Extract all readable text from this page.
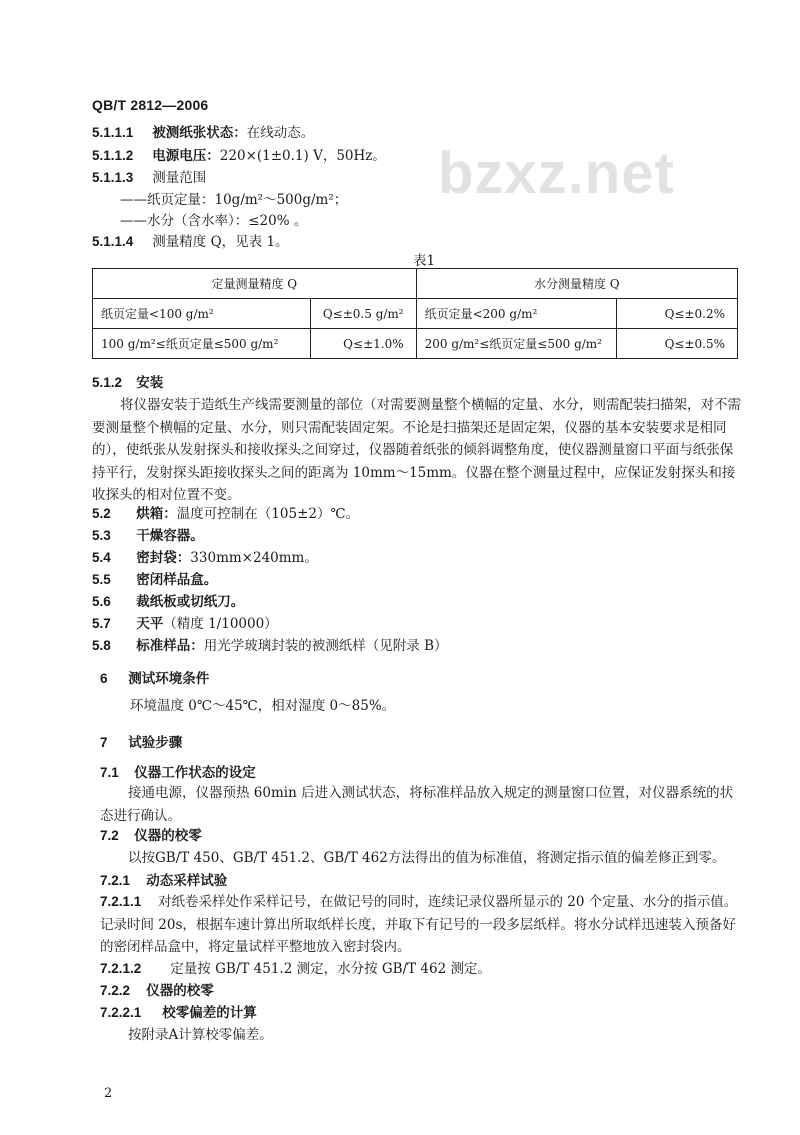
bzxz.net
QB/T 2812—2006
5.1.1.1 被测纸张状态：在线动态。
5.1.1.2 电源电压：220×(1±0.1) V，50Hz。
5.1.1.3 测量范围
——纸页定量：10g/m²～500g/m²；
——水分（含水率）：≤20% 。
5.1.1.4 测量精度 Q，见表 1。
表1
定量测量精度 Q		水分测量精度 Q	
纸页定量<100 g/m²	Q≤±0.5 g/m²	纸页定量<200 g/m²	Q≤±0.2%
100 g/m²≤纸页定量≤500 g/m²	Q≤±1.0%	200 g/m²≤纸页定量≤500 g/m²	Q≤±0.5%
5.1.2 安装
将仪器安装于造纸生产线需要测量的部位（对需要测量整个横幅的定量、水分，则需配装扫描架，对不需要测量整个横幅的定量、水分，则只需配装固定架。不论是扫描架还是固定架，仪器的基本安装要求是相同的），使纸张从发射探头和接收探头之间穿过，仪器随着纸张的倾斜调整角度，使仪器测量窗口平面与纸张保持平行，发射探头距接收探头之间的距离为 10mm～15mm。仪器在整个测量过程中，应保证发射探头和接收探头的相对位置不变。
5.2 烘箱：温度可控制在（105±2）℃。
5.3 干燥容器。
5.4 密封袋：330mm×240mm。
5.5 密闭样品盒。
5.6 裁纸板或切纸刀。
5.7 天平（精度 1/10000）
5.8 标准样品：用光学玻璃封装的被测纸样（见附录 B）
6 测试环境条件
环境温度 0℃～45℃，相对湿度 0～85%。
7 试验步骤
7.1 仪器工作状态的设定
接通电源，仪器预热 60min 后进入测试状态，将标准样品放入规定的测量窗口位置，对仪器系统的状态进行确认。
7.2 仪器的校零
以按GB/T 450、GB/T 451.2、GB/T 462方法得出的值为标准值，将测定指示值的偏差修正到零。
7.2.1 动态采样试验
7.2.1.1 对纸卷采样处作采样记号，在做记号的同时，连续记录仪器所显示的 20 个定量、水分的指示值。记录时间 20s，根据车速计算出所取纸样长度，并取下有记号的一段多层纸样。将水分试样迅速装入预备好的密闭样品盒中，将定量试样平整地放入密封袋内。
7.2.1.2 定量按 GB/T 451.2 测定，水分按 GB/T 462 测定。
7.2.2 仪器的校零
7.2.2.1 校零偏差的计算
按附录A计算校零偏差。
2
